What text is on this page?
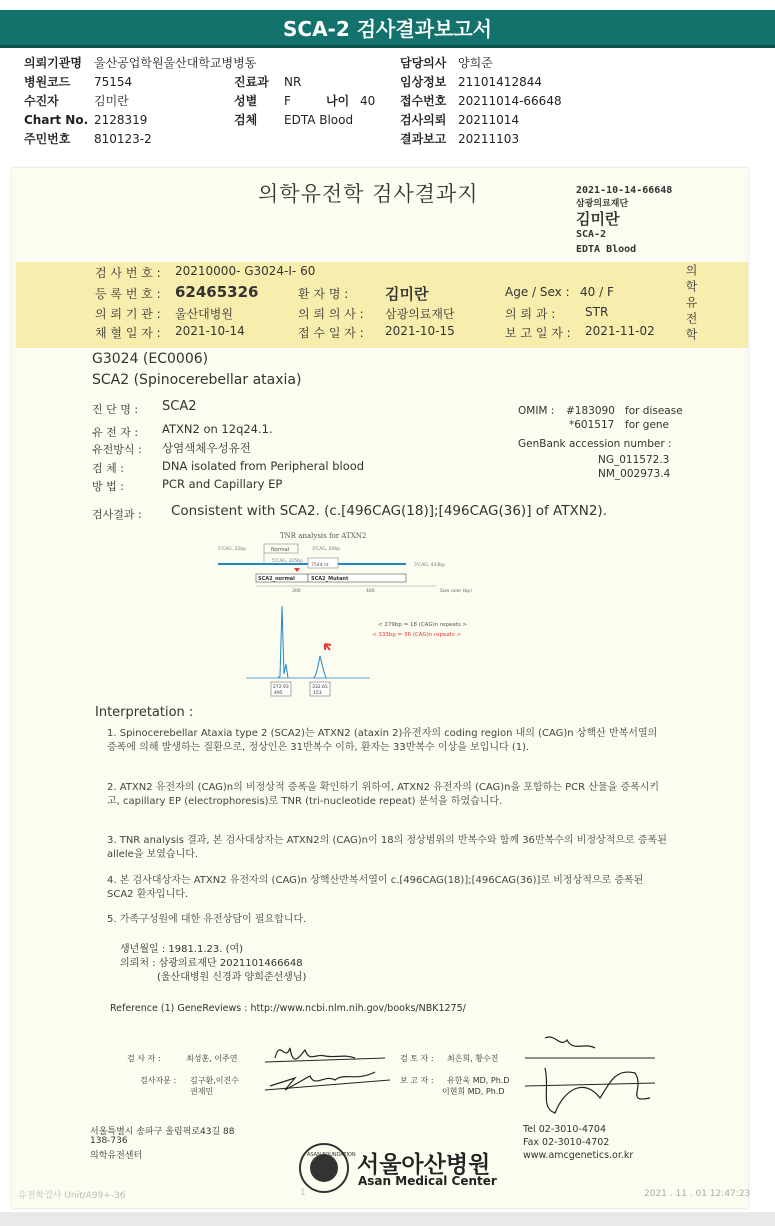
SCA-2 검사결과보고서
의뢰기관명 울산공업학원울산대학교병병동
병원코드 75154
수진자	김미란
Chart No. 2128319
주민번호 810123-2
진료과 NR
성별 F	나이 40
검체 EDTA Blood
담당의사 양희준
임상정보 21101412844
접수번호 20211014-66648
검사의뢰 20211014
결과보고 20211103
의학유전학 검사결과지	2021-10-14-66648
삼광의료재단
김미란
SCA-2
EDTA Blood
검 사 번 호 : 20210000- G3024-I- 60
등 록 번 호 : 62465326	환 자 명 : 김미란	Age / Sex : 40 / F
의 뢰 기 관 : 울산대병원	의 뢰 의 사 : 삼광의료재단	의 뢰 과 : STR
채 혈 일 자 : 2021-10-14	접 수 일 자 : 2021-10-15	보 고 일 자 : 2021-11-02 의학유전학
G3024 (EC0006)
SCA2 (Spinocerebellar ataxia)
진 단 명 : SCA2
유 전 자 : ATXN2 on 12q24.1.
유전방식 : 상염색체우성유전
검 체 :	DNA isolated from Peripheral blood
방 법 :	PCR and Capillary EP
OMIM : #183090 for disease
*601517 for gene
GenBank accession number :
NG_011572.3
NM_002973.4
검사결과 : Consistent with SCA2. (c.[496CAG(18)];[496CAG(36)] of ATXN2).
TNR analysis for ATXN2
5'CAG, 22bp	Normal	3'CAG, 20bp
5'CAG, 325bp
7544 nt	3'CAG, 443bp
SCA2_normal	SCA2_Mutant
300	400	Size ruler (bp)
< 279bp = 18 (CAG)n repeats >
< 333bp = 36 (CAG)n repeats >
272.93
495
332.65
153
Interpretation :
1. Spinocerebellar Ataxia type 2 (SCA2)는 ATXN2 (ataxin 2)유전자의 coding region 내의 (CAG)n 상핵산 반복서열의 증폭에 의해 발생하는 질환으로, 정상인은 31반복수 이하, 환자는 33반복수 이상을 보입니다 (1).
2. ATXN2 유전자의 (CAG)n의 비정상적 증폭을 확인하기 위하여, ATXN2 유전자의 (CAG)n을 포함하는 PCR 산물을 증폭시키고, capillary EP (electrophoresis)로 TNR (tri-nucleotide repeat) 분석을 하였습니다.
3. TNR analysis 결과, 본 검사대상자는 ATXN2의 (CAG)n이 18의 정상범위의 반복수와 함께 36반복수의 비정상적으로 증폭된 allele을 보였습니다.
4. 본 검사대상자는 ATXN2 유전자의 (CAG)n 상핵산반복서열이 c.[496CAG(18)];[496CAG(36)]로 비정상적으로 증폭된 SCA2 환자입니다.
5. 가족구성원에 대한 유전상담이 필요합니다.
생년월일 : 1981.1.23. (여)
의뢰처 : 삼광의료재단 2021101466648
(울산대병원 신경과 양희준선생님)
Reference (1) GeneReviews : http://www.ncbi.nlm.nih.gov/books/NBK1275/
검 사 자 :	최성훈, 이주연
검사자문 : 김구환,이진수
권재민
검 토 자 : 최은희, 황수진
보 고 자 : 유한욱 MD, Ph.D
이현희 MD, Ph.D
서울특별시 송파구 올림픽로43길 88
138-736
의학유전센터	ASAN FOUNDATION 서울아산병원
Asan Medical Center
Tel 02-3010-4704
Fax 02-3010-4702
www.amcgenetics.or.kr
유전학검사 Unit/A99+-36	1	2021 . 11 . 01 12:47:23
